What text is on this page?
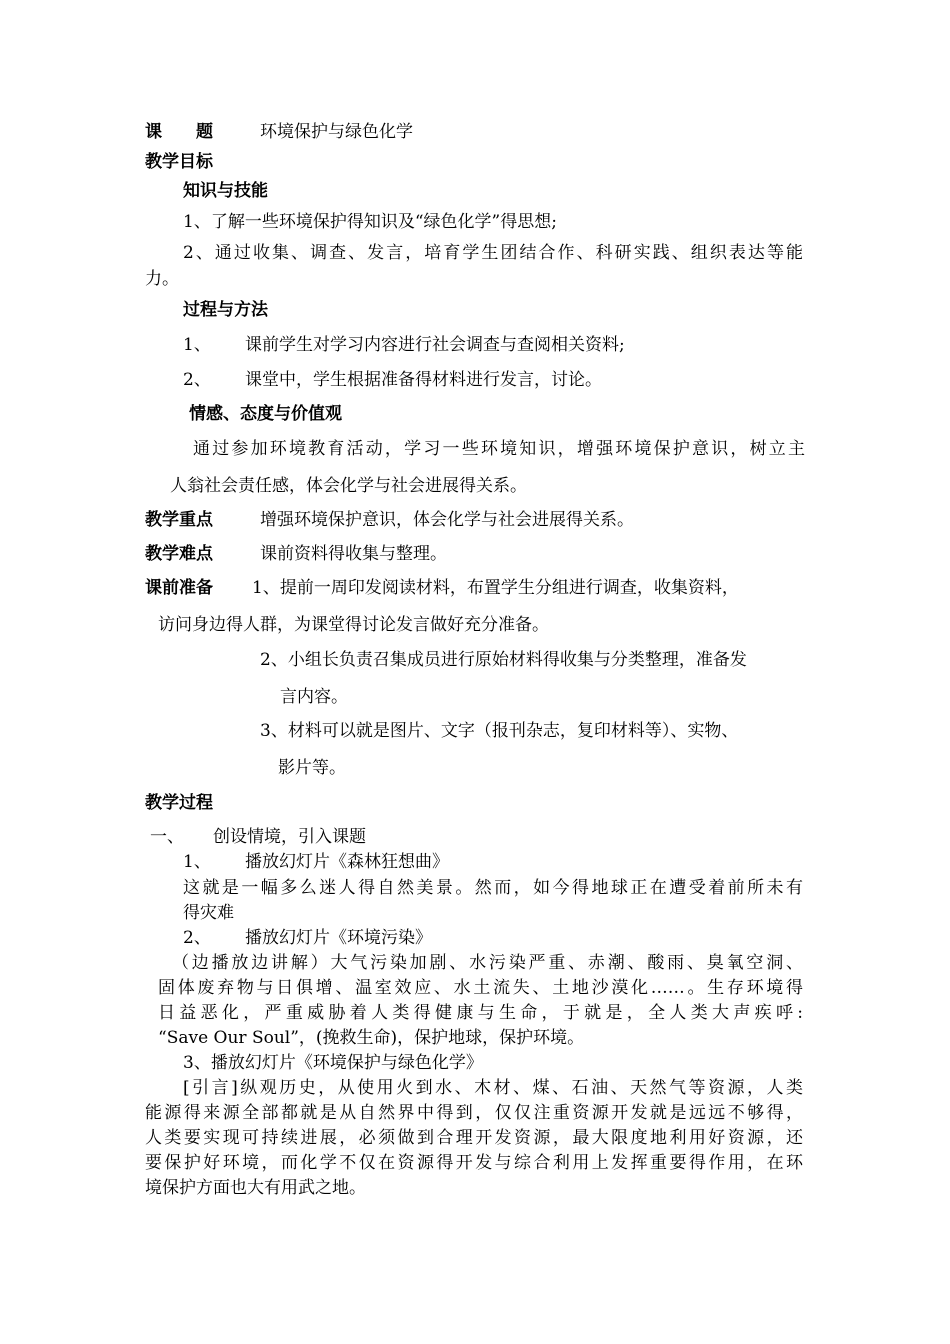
课　　题	环境保护与绿色化学
教学目标
知识与技能
1、了解一些环境保护得知识及“绿色化学”得思想;
2、通过收集、调查、发言，培育学生团结合作、科研实践、组织表达等能
力。
过程与方法
1、 课前学生对学习内容进行社会调查与查阅相关资料;
2、 课堂中，学生根据准备得材料进行发言，讨论。
情感、态度与价值观
通过参加环境教育活动，学习一些环境知识，增强环境保护意识，树立主
人翁社会责任感，体会化学与社会进展得关系。
教学重点	增强环境保护意识，体会化学与社会进展得关系。
教学难点	课前资料得收集与整理。
课前准备 1、提前一周印发阅读材料，布置学生分组进行调查，收集资料，
访问身边得人群，为课堂得讨论发言做好充分准备。
2、小组长负责召集成员进行原始材料得收集与分类整理，准备发
言内容。
3、材料可以就是图片、文字（报刊杂志，复印材料等）、实物、
影片等。
教学过程
一、 创设情境，引入课题
1、 播放幻灯片《森林狂想曲》
这就是一幅多么迷人得自然美景。然而，如今得地球正在遭受着前所未有
得灾难
2、 播放幻灯片《环境污染》
（边播放边讲解）大气污染加剧、水污染严重、赤潮、酸雨、臭氧空洞、
固体废弃物与日俱增、温室效应、水土流失、土地沙漠化……。生存环境得
日益恶化，严重威胁着人类得健康与生命，于就是，全人类大声疾呼:
“Save Our Soul”，(挽救生命)，保护地球，保护环境。
3、播放幻灯片《环境保护与绿色化学》
[引言]纵观历史，从使用火到水、木材、煤、石油、天然气等资源，人类
能源得来源全部都就是从自然界中得到，仅仅注重资源开发就是远远不够得，
人类要实现可持续进展，必须做到合理开发资源，最大限度地利用好资源，还
要保护好环境，而化学不仅在资源得开发与综合利用上发挥重要得作用，在环
境保护方面也大有用武之地。
